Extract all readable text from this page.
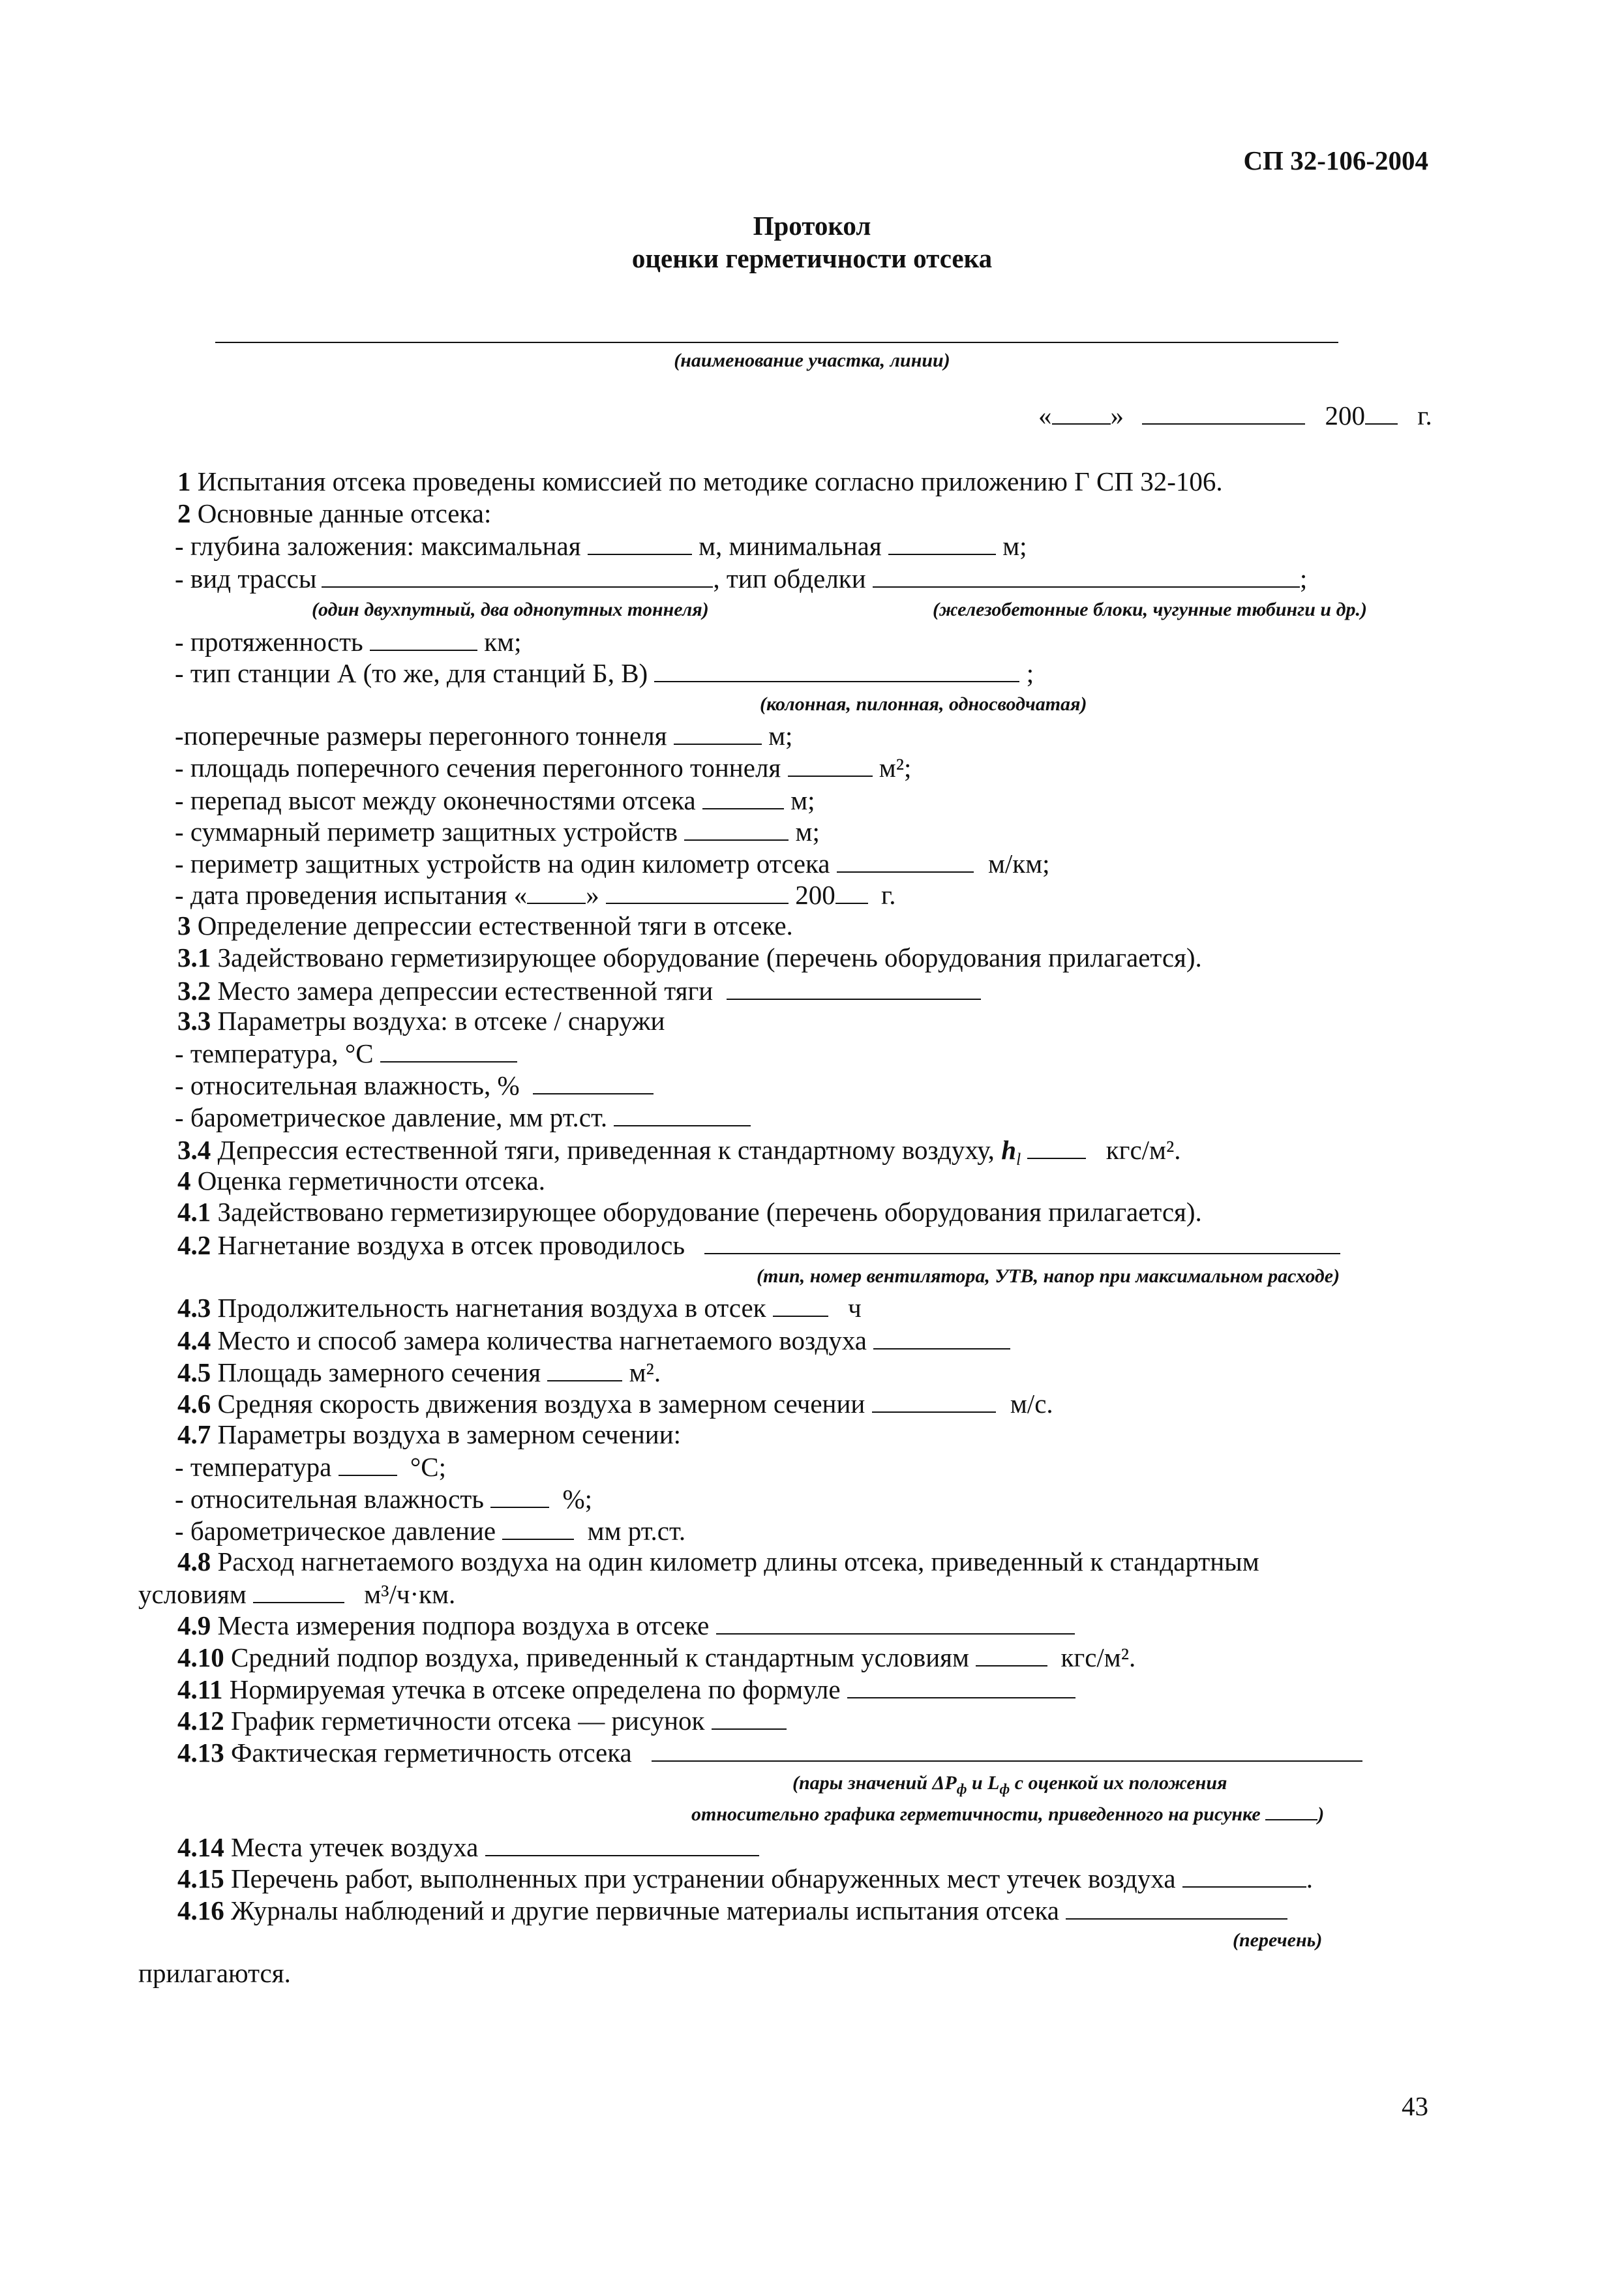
СП 32-106-2004
Протокол
оценки герметичности отсека
(наименование участка, линии)
« »	200 г.
1 Испытания отсека проведены комиссией по методике согласно приложению Г СП 32-106.
2 Основные данные отсека:
- глубина заложения: максимальная	м, минимальная	м;
- вид трассы	, тип обделки	;
(один двухпутный, два однопутных тоннеля)	(железобетонные блоки, чугунные тюбинги и др.)
- протяженность	км;
- тип станции А (то же, для станций Б, В)	;
(колонная, пилонная, односводчатая)
-поперечные размеры перегонного тоннеля	м;
- площадь поперечного сечения перегонного тоннеля	м²;
- перепад высот между оконечностями отсека	м;
- суммарный периметр защитных устройств	м;
- периметр защитных устройств на один километр отсека	м/км;
- дата проведения испытания « »	200 г.
3 Определение депрессии естественной тяги в отсеке.
3.1 Задействовано герметизирующее оборудование (перечень оборудования прилагается).
3.2 Место замера депрессии естественной тяги
3.3 Параметры воздуха: в отсеке / снаружи
- температура, °С
- относительная влажность, %
- барометрическое давление, мм рт.ст.
3.4 Депрессия естественной тяги, приведенная к стандартному воздуху, $h_l$	кгс/м².
4 Оценка герметичности отсека.
4.1 Задействовано герметизирующее оборудование (перечень оборудования прилагается).
4.2 Нагнетание воздуха в отсек проводилось
(тип, номер вентилятора, УТВ, напор при максимальном расходе)
4.3 Продолжительность нагнетания воздуха в отсек	ч
4.4 Место и способ замера количества нагнетаемого воздуха
4.5 Площадь замерного сечения	м².
4.6 Средняя скорость движения воздуха в замерном сечении	м/с.
4.7 Параметры воздуха в замерном сечении:
- температура	°С;
- относительная влажность	%;
- барометрическое давление	мм рт.ст.
4.8 Расход нагнетаемого воздуха на один километр длины отсека, приведенный к стандартным
условиям	м³/ч·км.
4.9 Места измерения подпора воздуха в отсеке
4.10 Средний подпор воздуха, приведенный к стандартным условиям	кгс/м².
4.11 Нормируемая утечка в отсеке определена по формуле
4.12 График герметичности отсека — рисунок
4.13 Фактическая герметичность отсека
(пары значений $\Delta P_ф$ и $L_ф$ с оценкой их положения
относительно графика герметичности, приведенного на рисунке	)
4.14 Места утечек воздуха
4.15 Перечень работ, выполненных при устранении обнаруженных мест утечек воздуха	.
4.16 Журналы наблюдений и другие первичные материалы испытания отсека
(перечень)
прилагаются.
43
